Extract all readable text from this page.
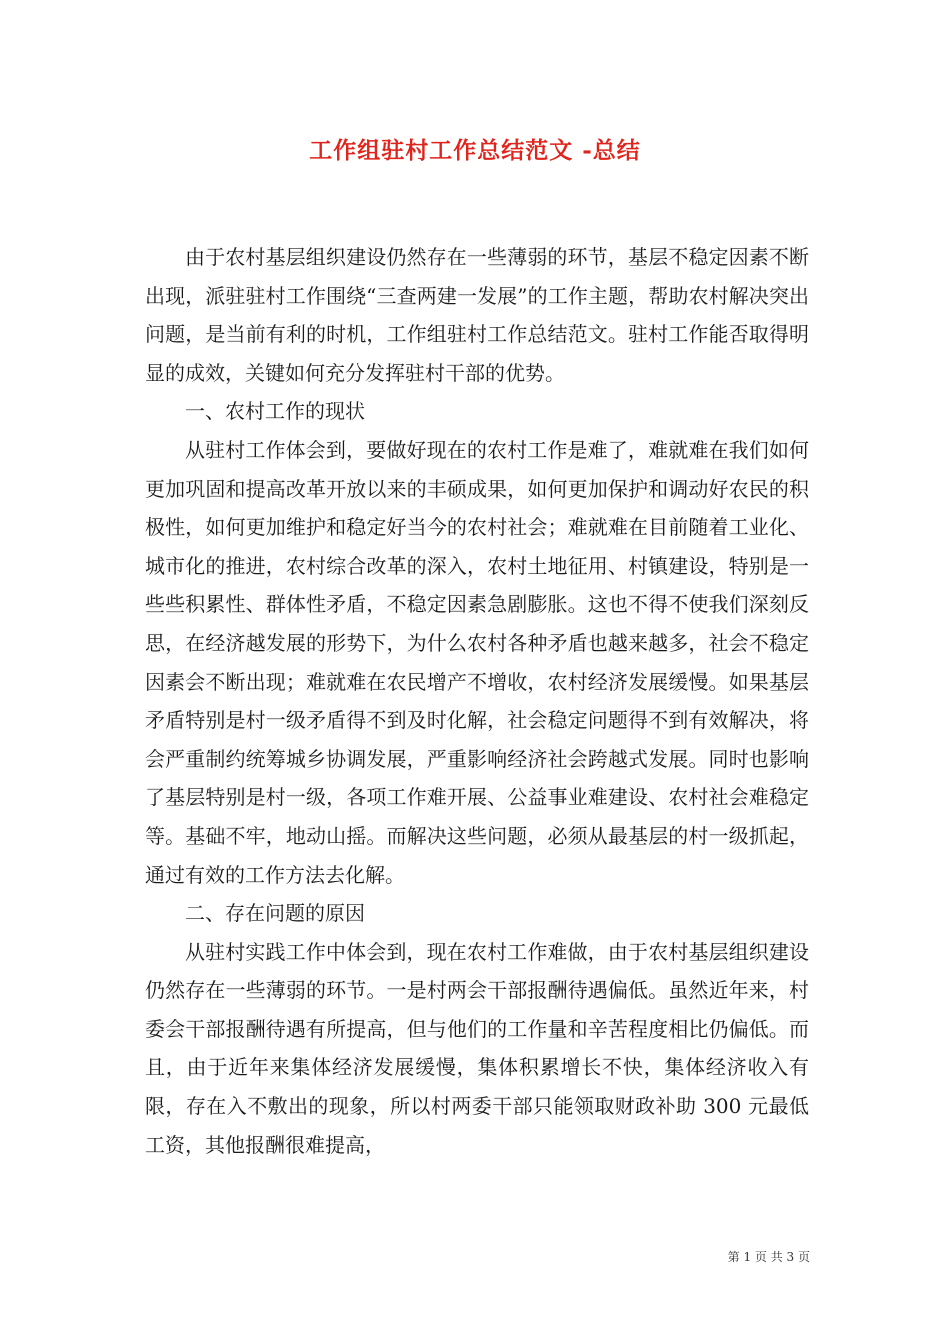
工作组驻村工作总结范文 -总结

由于农村基层组织建设仍然存在一些薄弱的环节，基层不稳定因素不断出现，派驻驻村工作围绕“三查两建一发展”的工作主题，帮助农村解决突出问题，是当前有利的时机，工作组驻村工作总结范文。驻村工作能否取得明显的成效，关键如何充分发挥驻村干部的优势。

一、农村工作的现状

从驻村工作体会到，要做好现在的农村工作是难了，难就难在我们如何更加巩固和提高改革开放以来的丰硕成果，如何更加保护和调动好农民的积极性，如何更加维护和稳定好当今的农村社会；难就难在目前随着工业化、城市化的推进，农村综合改革的深入，农村土地征用、村镇建设，特别是一些些积累性、群体性矛盾，不稳定因素急剧膨胀。这也不得不使我们深刻反思，在经济越发展的形势下，为什么农村各种矛盾也越来越多，社会不稳定因素会不断出现；难就难在农民增产不增收，农村经济发展缓慢。如果基层矛盾特别是村一级矛盾得不到及时化解，社会稳定问题得不到有效解决，将会严重制约统筹城乡协调发展，严重影响经济社会跨越式发展。同时也影响了基层特别是村一级，各项工作难开展、公益事业难建设、农村社会难稳定等。基础不牢，地动山摇。而解决这些问题，必须从最基层的村一级抓起，通过有效的工作方法去化解。

二、存在问题的原因

从驻村实践工作中体会到，现在农村工作难做，由于农村基层组织建设仍然存在一些薄弱的环节。一是村两会干部报酬待遇偏低。虽然近年来，村委会干部报酬待遇有所提高，但与他们的工作量和辛苦程度相比仍偏低。而且，由于近年来集体经济发展缓慢，集体积累增长不快，集体经济收入有限，存在入不敷出的现象，所以村两委干部只能领取财政补助 300 元最低工资，其他报酬很难提高，

第 1 页 共 3 页
